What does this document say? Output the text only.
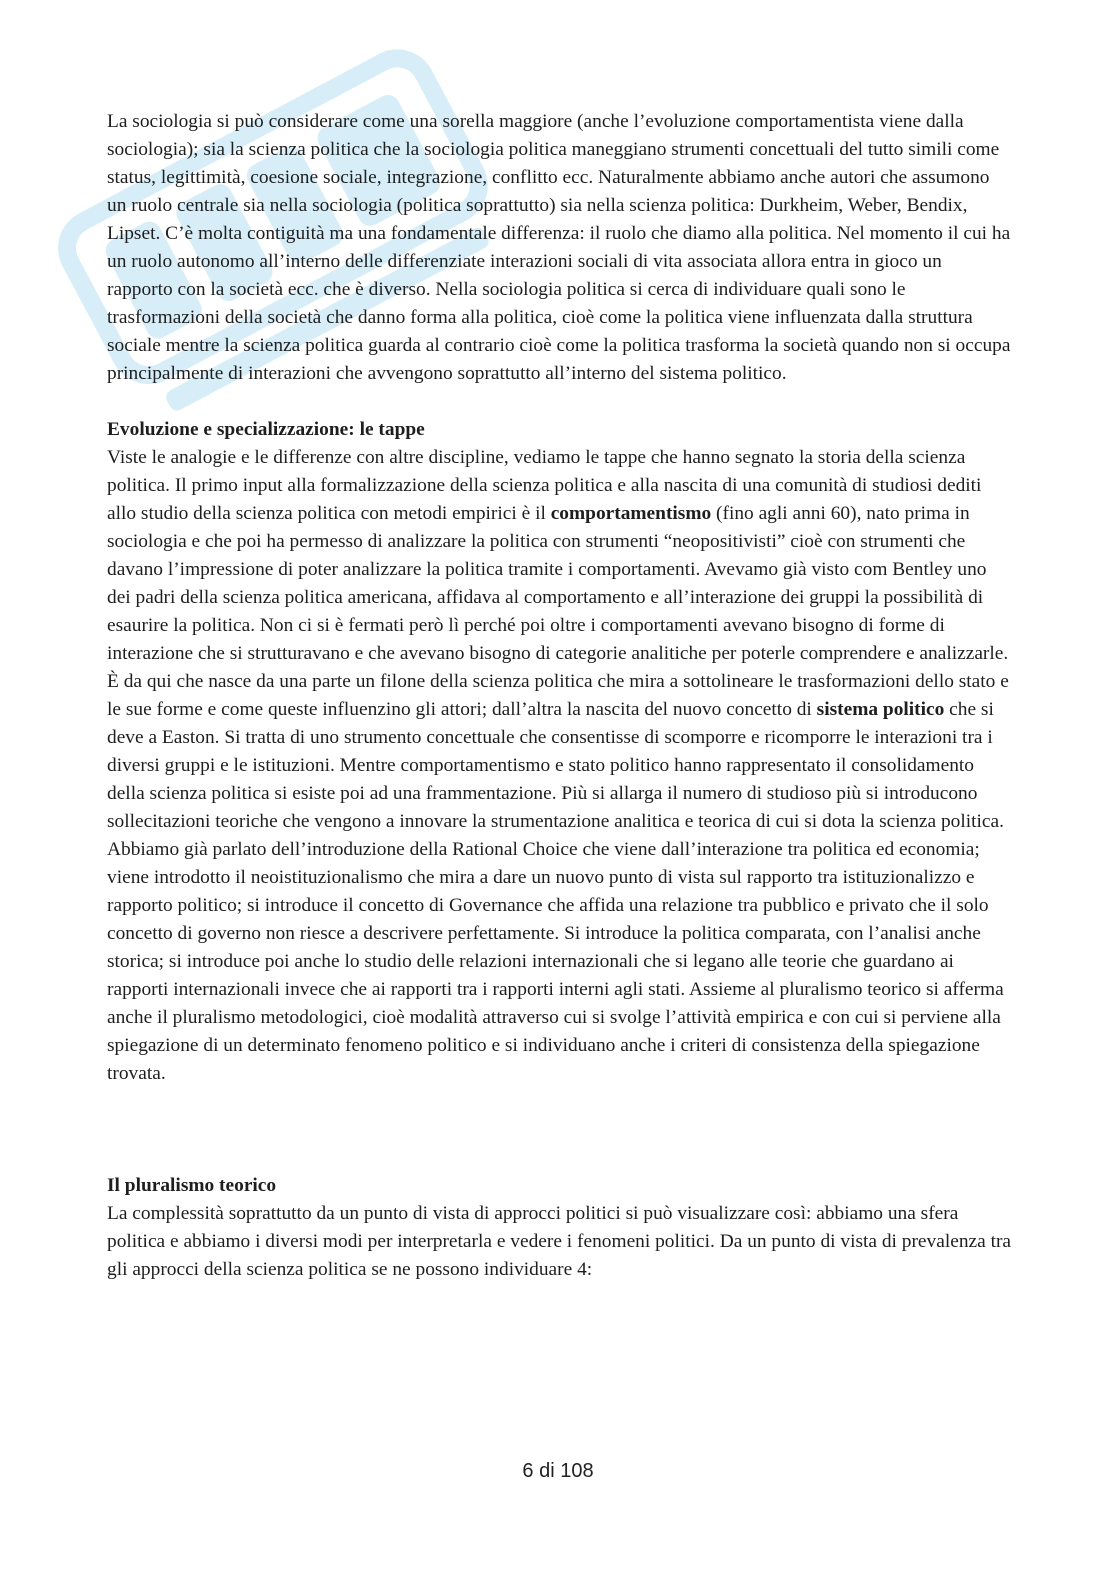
La sociologia si può considerare come una sorella maggiore (anche l’evoluzione comportamentista viene dalla sociologia); sia la scienza politica che la sociologia politica maneggiano strumenti concettuali del tutto simili come status, legittimità, coesione sociale, integrazione, conflitto ecc. Naturalmente abbiamo anche autori che assumono un ruolo centrale sia nella sociologia (politica soprattutto) sia nella scienza politica: Durkheim, Weber, Bendix, Lipset. C’è molta contiguità ma una fondamentale differenza: il ruolo che diamo alla politica. Nel momento il cui ha un ruolo autonomo all’interno delle differenziate interazioni sociali di vita associata allora entra in gioco un rapporto con la società ecc. che è diverso. Nella sociologia politica si cerca di individuare quali sono le trasformazioni della società che danno forma alla politica, cioè come la politica viene influenzata dalla struttura sociale mentre la scienza politica guarda al contrario cioè come la politica trasforma la società quando non si occupa principalmente di interazioni che avvengono soprattutto all’interno del sistema politico.

Evoluzione e specializzazione: le tappe

Viste le analogie e le differenze con altre discipline, vediamo le tappe che hanno segnato la storia della scienza politica. Il primo input alla formalizzazione della scienza politica e alla nascita di una comunità di studiosi dediti allo studio della scienza politica con metodi empirici è il comportamentismo (fino agli anni 60), nato prima in sociologia e che poi ha permesso di analizzare la politica con strumenti “neopositivisti” cioè con strumenti che davano l’impressione di poter analizzare la politica tramite i comportamenti. Avevamo già visto com Bentley uno dei padri della scienza politica americana, affidava al comportamento e all’interazione dei gruppi la possibilità di esaurire la politica. Non ci si è fermati però lì perché poi oltre i comportamenti avevano bisogno di forme di interazione che si strutturavano e che avevano bisogno di categorie analitiche per poterle comprendere e analizzarle. È da qui che nasce da una parte un filone della scienza politica che mira a sottolineare le trasformazioni dello stato e le sue forme e come queste influenzino gli attori; dall’altra la nascita del nuovo concetto di sistema politico che si deve a Easton. Si tratta di uno strumento concettuale che consentisse di scomporre e ricomporre le interazioni tra i diversi gruppi e le istituzioni. Mentre comportamentismo e stato politico hanno rappresentato il consolidamento della scienza politica si esiste poi ad una frammentazione. Più si allarga il numero di studioso più si introducono sollecitazioni teoriche che vengono a innovare la strumentazione analitica e teorica di cui si dota la scienza politica. Abbiamo già parlato dell’introduzione della Rational Choice che viene dall’interazione tra politica ed economia; viene introdotto il neoistituzionalismo che mira a dare un nuovo punto di vista sul rapporto tra istituzionalizzo e rapporto politico; si introduce il concetto di Governance che affida una relazione tra pubblico e privato che il solo concetto di governo non riesce a descrivere perfettamente. Si introduce la politica comparata, con l’analisi anche storica; si introduce poi anche lo studio delle relazioni internazionali che si legano alle teorie che guardano ai rapporti internazionali invece che ai rapporti tra i rapporti interni agli stati. Assieme al pluralismo teorico si afferma anche il pluralismo metodologici, cioè modalità attraverso cui si svolge l’attività empirica e con cui si perviene alla spiegazione di un determinato fenomeno politico e si individuano anche i criteri di consistenza della spiegazione trovata.

Il pluralismo teorico

La complessità soprattutto da un punto di vista di approcci politici si può visualizzare così: abbiamo una sfera politica e abbiamo i diversi modi per interpretarla e vedere i fenomeni politici. Da un punto di vista di prevalenza tra gli approcci della scienza politica se ne possono individuare 4:

6 di 108
